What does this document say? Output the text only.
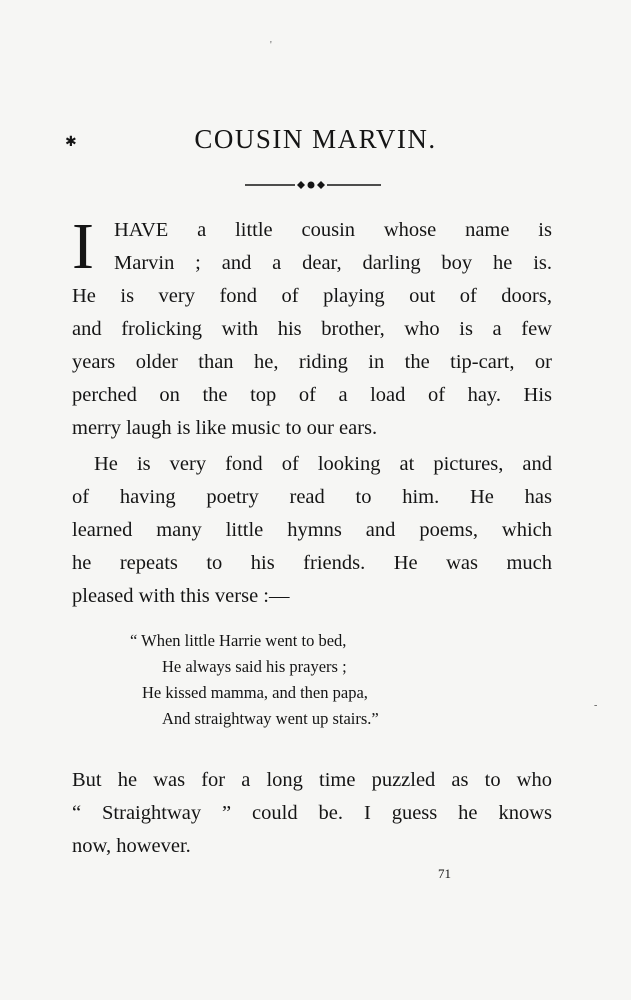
'
✱
-
COUSIN MARVIN.
I HAVE a little cousin whose name is
Marvin ; and a dear, darling boy he is.
He is very fond of playing out of doors,
and frolicking with his brother, who is a few
years older than he, riding in the tip-cart, or
perched on the top of a load of hay. His
merry laugh is like music to our ears.
He is very fond of looking at pictures, and
of having poetry read to him. He has
learned many little hymns and poems, which
he repeats to his friends. He was much
pleased with this verse :—
“ When little Harrie went to bed,
He always said his prayers ;
He kissed mamma, and then papa,
And straightway went up stairs.”
But he was for a long time puzzled as to who
“ Straightway ” could be. I guess he knows
now, however.
71
